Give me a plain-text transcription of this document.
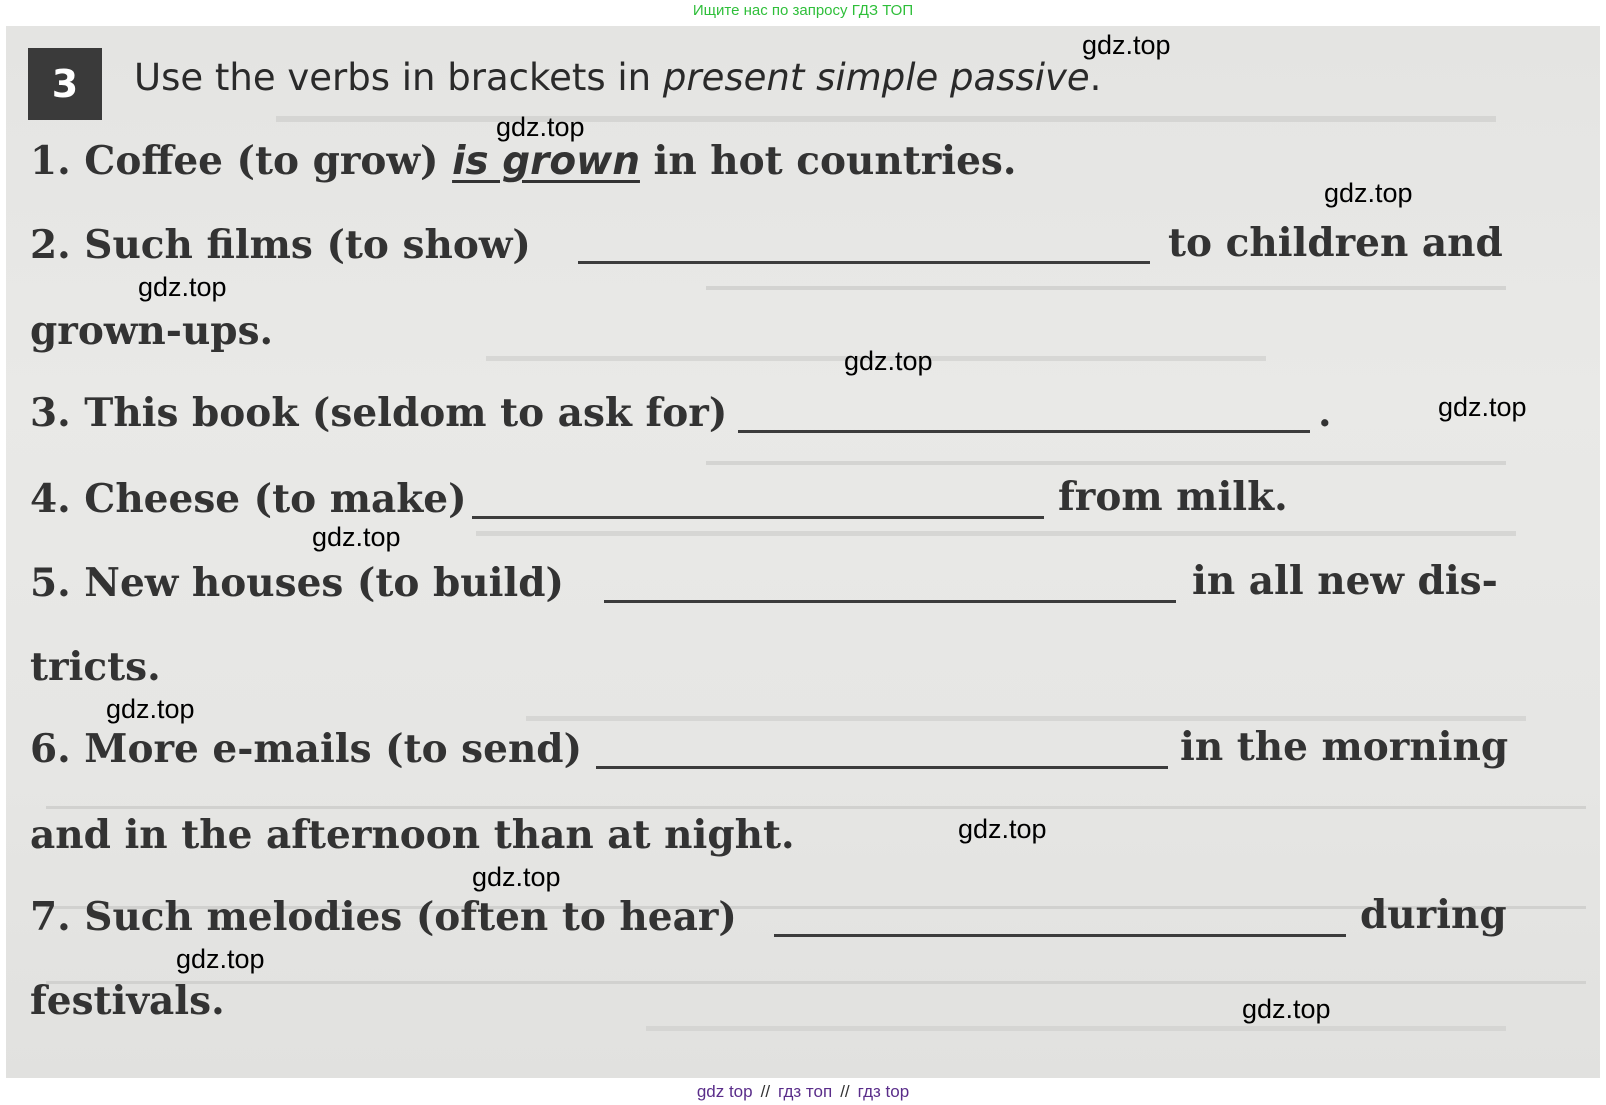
Ищите нас по запросу ГДЗ ТОП
3	Use the verbs in brackets in present simple passive.
1. Coffee (to grow) is grown in hot countries.
2. Such films (to show)	to children and
grown-ups.
3. This book (seldom to ask for)	.
4. Cheese (to make)	from milk.
5. New houses (to build)	in all new dis-
tricts.
6. More e-mails (to send)	in the morning
and in the afternoon than at night.
7. Such melodies (often to hear)	during
festivals.
gdz.top
gdz.top
gdz.top
gdz.top
gdz.top
gdz.top
gdz.top
gdz.top
gdz.top
gdz.top
gdz.top
gdz.top
gdz top // гдз топ // гдз top
